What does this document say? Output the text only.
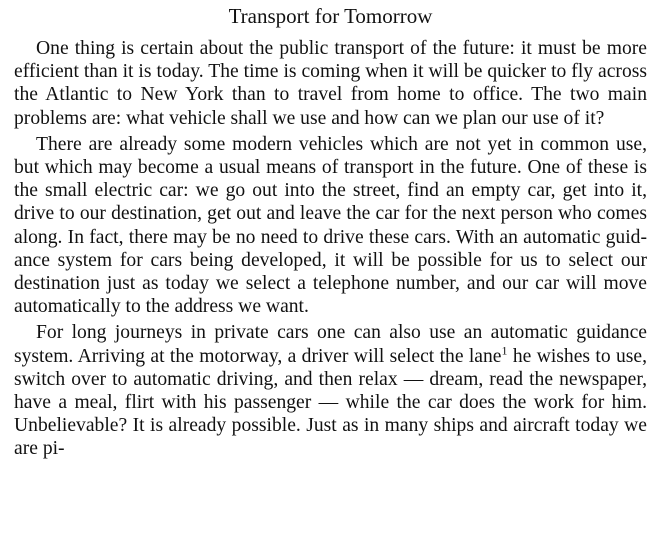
Transport for Tomorrow

One thing is certain about the public transport of the future: it must be more efficient than it is today. The time is coming when it will be quicker to fly across the Atlantic to New York than to travel from home to office. The two main problems are: what vehicle shall we use and how can we plan our use of it?

There are already some modern vehicles which are not yet in common use, but which may become a usual means of transport in the future. One of these is the small electric car: we go out into the street, find an empty car, get into it, drive to our destination, get out and leave the car for the next person who comes along. In fact, there may be no need to drive these cars. With an automatic guidance system for cars being developed, it will be possible for us to select our destination just as today we select a telephone number, and our car will move automatically to the address we want.

For long journeys in private cars one can also use an automatic guidance system. Arriving at the motorway, a driver will select the lane$^1$ he wishes to use, switch over to automatic driving, and then relax — dream, read the newspaper, have a meal, flirt with his passenger — while the car does the work for him. Unbelievable? It is already possible. Just as in many ships and aircraft today we are pi-
